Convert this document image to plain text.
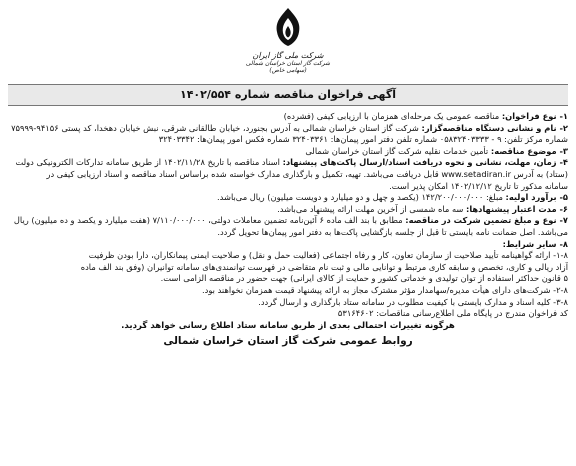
شرکت ملی گاز ایران
شرکت گاز استان خراسان شمالی (سهامی خاص)
آگهی فراخوان مناقصه شماره ۱۴۰۲/۵۵۴
۱- نوع فراخوان: مناقصه عمومی یک مرحله‌ای همزمان با ارزیابی کیفی (فشرده)
۲- نام و نشانی دستگاه مناقصه‌گزار: شرکت گاز استان خراسان شمالی به آدرس بجنورد، خیابان طالقانی شرقی، نبش خیابان دهخدا، کد پستی ۹۴۱۵۶-۷۵۹۹۹
شماره مرکز تلفن: ۹ - ۰۵۸۳۲۴۰۳۳۳۳ شماره تلفن دفتر امور پیمان‌ها: ۳۲۴۰۳۳۶۱ شماره فکس امور پیمان‌ها: ۳۲۴۰۳۳۴۲
۳- موضوع مناقصه: تأمین خدمات نقلیه شرکت گاز استان خراسان شمالی
۴- زمان، مهلت، نشانی و نحوه دریافت اسناد/ارسال پاکت‌های پیشنهاد: اسناد مناقصه با تاریخ ۱۴۰۲/۱۱/۲۸ از طریق سامانه تدارکات الکترونیکی دولت
(ستاد) به آدرس www.setadiran.ir قابل دریافت می‌باشد. تهیه، تکمیل و بارگذاری مدارک خواسته شده براساس اسناد مناقصه و اسناد ارزیابی کیفی در
سامانه مذکور تا تاریخ ۱۴۰۲/۱۲/۱۲ امکان پذیر است.
۵- برآورد اولیه: مبلغ: ۱۴۲/۲۰۰/۰۰۰/۰۰۰ (یکصد و چهل و دو میلیارد و دویست میلیون) ریال می‌باشد.
۶- مدت اعتبار پیشنهادها: سه ماه شمسی از آخرین مهلت ارائه پیشنهاد می‌باشد.
۷- نوع و مبلغ تضمین شرکت در مناقصه: مطابق با بند الف ماده ۶ آئین‌نامه تضمین معاملات دولتی، ۷/۱۱۰/۰۰۰/۰۰۰ (هفت میلیارد و یکصد و ده میلیون) ریال
می‌باشد. اصل ضمانت نامه بایستی تا قبل از جلسه بازگشایی پاکت‌ها به دفتر امور پیمان‌ها تحویل گردد.
۸- سایر شرایط:
۱-۸- ارائه گواهینامه تأیید صلاحیت از سازمان تعاون، کار و رفاه اجتماعی (فعالیت حمل و نقل) و صلاحیت ایمنی پیمانکاران، دارا بودن ظرفیت
آزاد ریالی و کاری، تخصص و سابقه کاری مرتبط و توانایی مالی و ثبت نام متقاضی در فهرست توانمندی‌های سامانه توانیران (وفق بند الف ماده
۵ قانون حداکثر استفاده از توان تولیدی و خدماتی کشور و حمایت از کالای ایرانی) جهت حضور در مناقصه الزامی است.
۲-۸- شرکت‌های دارای هیأت مدیره/سهامدار مؤثر مشترک مجاز به ارائه پیشنهاد قیمت همزمان نخواهند بود.
۳-۸- کلیه اسناد و مدارک بایستی با کیفیت مطلوب در سامانه ستاد بارگذاری و ارسال گردد.
کد فراخوان مندرج در پایگاه ملی اطلاع‌رسانی مناقصات: ۵۳۱۶۴۶۰۲
هرگونه تغییرات احتمالی بعدی از طریق سامانه ستاد اطلاع رسانی خواهد گردید.
روابط عمومی شرکت گاز استان خراسان شمالی
